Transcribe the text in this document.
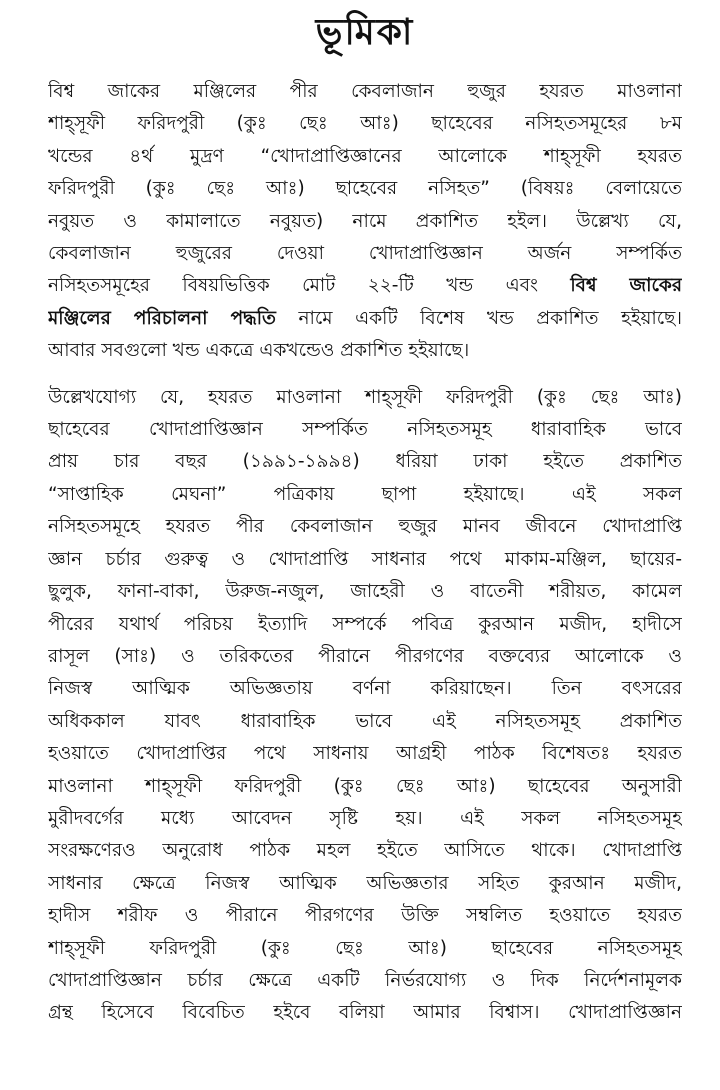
ভূমিকা

বিশ্ব জাকের মঞ্জিলের পীর কেবলাজান হুজুর হযরত মাওলানা
শাহ্‌সূফী ফরিদপুরী (কুঃ ছেঃ আঃ) ছাহেবের নসিহতসমূহের ৮ম
খন্ডের ৪র্থ মুদ্রণ “খোদাপ্রাপ্তিজ্ঞানের আলোকে শাহ্‌সূফী হযরত
ফরিদপুরী (কুঃ ছেঃ আঃ) ছাহেবের নসিহত” (বিষয়ঃ বেলায়েতে
নবুয়ত ও কামালাতে নবুয়ত) নামে প্রকাশিত হইল। উল্লেখ্য যে,
কেবলাজান হুজুরের দেওয়া খোদাপ্রাপ্তিজ্ঞান অর্জন সম্পর্কিত
নসিহতসমূহের বিষয়ভিত্তিক মোট ২২-টি খন্ড এবং বিশ্ব জাকের
মঞ্জিলের পরিচালনা পদ্ধতি নামে একটি বিশেষ খন্ড প্রকাশিত হইয়াছে।
আবার সবগুলো খন্ড একত্রে একখন্ডেও প্রকাশিত হইয়াছে।

উল্লেখযোগ্য যে, হযরত মাওলানা শাহ্‌সূফী ফরিদপুরী (কুঃ ছেঃ আঃ)
ছাহেবের খোদাপ্রাপ্তিজ্ঞান সম্পর্কিত নসিহতসমূহ ধারাবাহিক ভাবে
প্রায় চার বছর (১৯৯১-১৯৯৪) ধরিয়া ঢাকা হইতে প্রকাশিত
“সাপ্তাহিক মেঘনা” পত্রিকায় ছাপা হইয়াছে। এই সকল
নসিহতসমূহে হযরত পীর কেবলাজান হুজুর মানব জীবনে খোদাপ্রাপ্তি
জ্ঞান চর্চার গুরুত্ব ও খোদাপ্রাপ্তি সাধনার পথে মাকাম-মঞ্জিল, ছায়ের-
ছুলুক, ফানা-বাকা, উরুজ-নজুল, জাহেরী ও বাতেনী শরীয়ত, কামেল
পীরের যথার্থ পরিচয় ইত্যাদি সম্পর্কে পবিত্র কুরআন মজীদ, হাদীসে
রাসূল (সাঃ) ও তরিকতের পীরানে পীরগণের বক্তব্যের আলোকে ও
নিজস্ব আত্মিক অভিজ্ঞতায় বর্ণনা করিয়াছেন। তিন বৎসরের
অধিককাল যাবৎ ধারাবাহিক ভাবে এই নসিহতসমূহ প্রকাশিত
হওয়াতে খোদাপ্রাপ্তির পথে সাধনায় আগ্রহী পাঠক বিশেষতঃ হযরত
মাওলানা শাহ্‌সূফী ফরিদপুরী (কুঃ ছেঃ আঃ) ছাহেবের অনুসারী
মুরীদবর্গের মধ্যে আবেদন সৃষ্টি হয়। এই সকল নসিহতসমূহ
সংরক্ষণেরও অনুরোধ পাঠক মহল হইতে আসিতে থাকে। খোদাপ্রাপ্তি
সাধনার ক্ষেত্রে নিজস্ব আত্মিক অভিজ্ঞতার সহিত কুরআন মজীদ,
হাদীস শরীফ ও পীরানে পীরগণের উক্তি সম্বলিত হওয়াতে হযরত
শাহ্‌সূফী ফরিদপুরী (কুঃ ছেঃ আঃ) ছাহেবের নসিহতসমূহ
খোদাপ্রাপ্তিজ্ঞান চর্চার ক্ষেত্রে একটি নির্ভরযোগ্য ও দিক নির্দেশনামূলক
গ্রন্থ হিসেবে বিবেচিত হইবে বলিয়া আমার বিশ্বাস। খোদাপ্রাপ্তিজ্ঞান
